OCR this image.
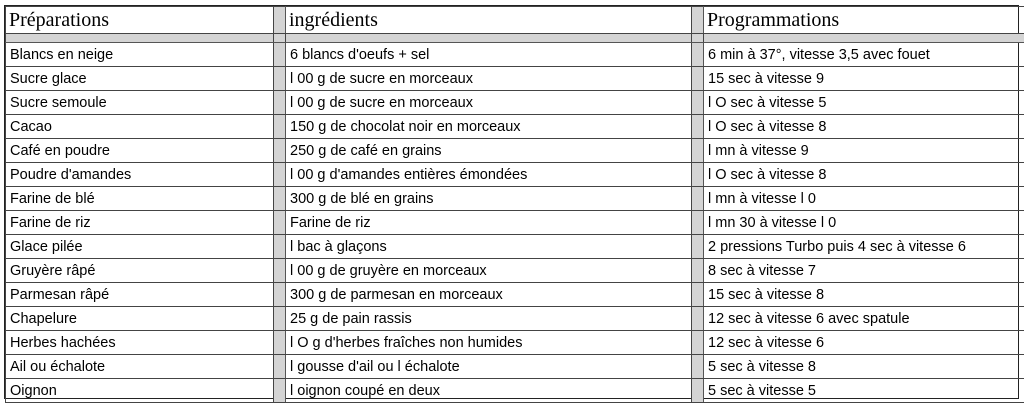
Préparations		ingrédients		Programmations

Blancs en neige		6 blancs d'oeufs + sel		6 min à 37°, vitesse 3,5 avec fouet
Sucre glace		l 00 g de sucre en morceaux		15 sec à vitesse 9
Sucre semoule		l 00 g de sucre en morceaux		l O sec à vitesse 5
Cacao		150 g de chocolat noir en morceaux		l O sec à vitesse 8
Café en poudre		250 g de café en grains		l mn à vitesse 9
Poudre d'amandes		l 00 g d'amandes entières émondées		l O sec à vitesse 8
Farine de blé		300 g de blé en grains		l mn à vitesse l 0
Farine de riz		Farine de riz		l mn 30 à vitesse l 0
Glace pilée		l bac à glaçons		2 pressions Turbo puis 4 sec à vitesse 6
Gruyère râpé		l 00 g de gruyère en morceaux		8 sec à vitesse 7
Parmesan râpé		300 g de parmesan en morceaux		15 sec à vitesse 8
Chapelure		25 g de pain rassis		12 sec à vitesse 6 avec spatule
Herbes hachées		l O g d'herbes fraîches non humides		12 sec à vitesse 6
Ail ou échalote		l gousse d'ail ou l échalote		5 sec à vitesse 8
Oignon		l oignon coupé en deux		5 sec à vitesse 5
